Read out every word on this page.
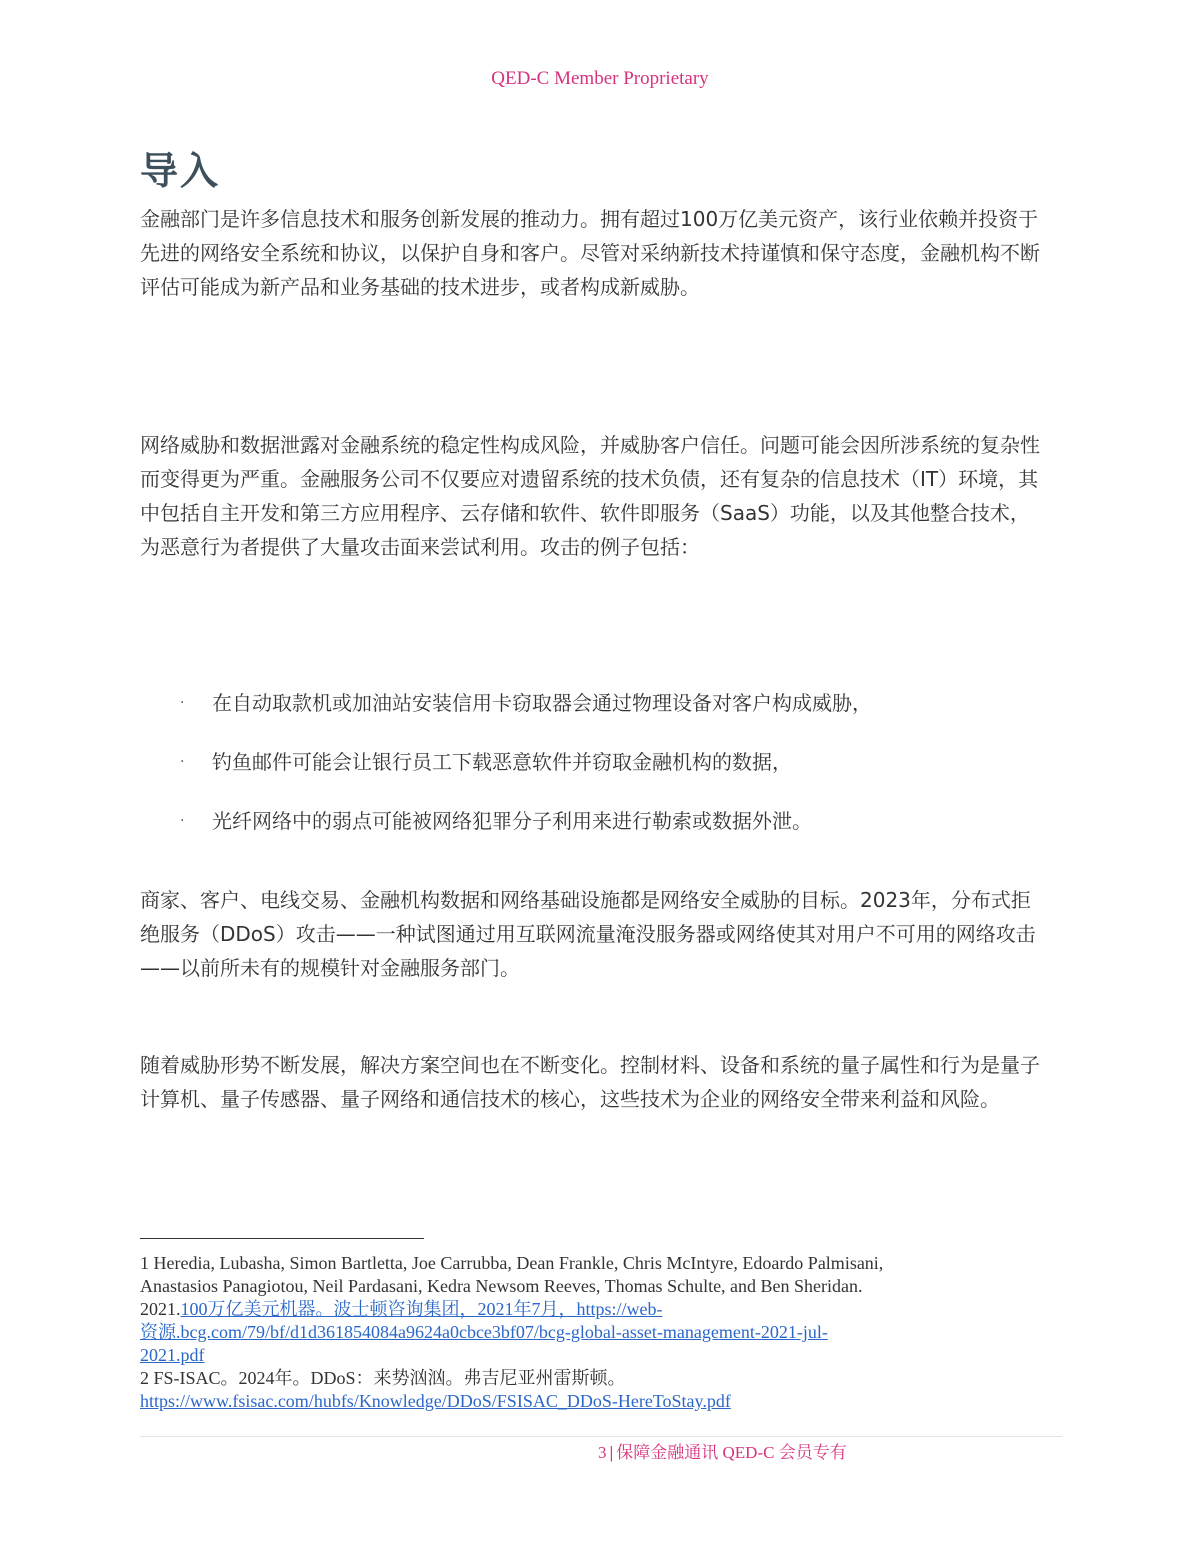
QED-C Member Proprietary
导入

金融部门是许多信息技术和服务创新发展的推动力。拥有超过100万亿美元资产，该行业依赖并投资于先进的网络安全系统和协议，以保护自身和客户。尽管对采纳新技术持谨慎和保守态度，金融机构不断评估可能成为新产品和业务基础的技术进步，或者构成新威胁。

网络威胁和数据泄露对金融系统的稳定性构成风险，并威胁客户信任。问题可能会因所涉系统的复杂性而变得更为严重。金融服务公司不仅要应对遗留系统的技术负债，还有复杂的信息技术（IT）环境，其中包括自主开发和第三方应用程序、云存储和软件、软件即服务（SaaS）功能，以及其他整合技术，为恶意行为者提供了大量攻击面来尝试利用。攻击的例子包括：

·	在自动取款机或加油站安装信用卡窃取器会通过物理设备对客户构成威胁，
·	钓鱼邮件可能会让银行员工下载恶意软件并窃取金融机构的数据，
·	光纤网络中的弱点可能被网络犯罪分子利用来进行勒索或数据外泄。

商家、客户、电线交易、金融机构数据和网络基础设施都是网络安全威胁的目标。2023年，分布式拒绝服务（DDoS）攻击——一种试图通过用互联网流量淹没服务器或网络使其对用户不可用的网络攻击——以前所未有的规模针对金融服务部门。

随着威胁形势不断发展，解决方案空间也在不断变化。控制材料、设备和系统的量子属性和行为是量子计算机、量子传感器、量子网络和通信技术的核心，这些技术为企业的网络安全带来利益和风险。

1 Heredia, Lubasha, Simon Bartletta, Joe Carrubba, Dean Frankle, Chris McIntyre, Edoardo Palmisani,
Anastasios Panagiotou, Neil Pardasani, Kedra Newsom Reeves, Thomas Schulte, and Ben Sheridan.
2021.100万亿美元机器。波士顿咨询集团，2021年7月，https://web-
资源.bcg.com/79/bf/d1d361854084a9624a0cbce3bf07/bcg-global-asset-management-2021-jul-
2021.pdf
2 FS-ISAC。2024年。DDoS：来势汹汹。弗吉尼亚州雷斯顿。
https://www.fsisac.com/hubfs/Knowledge/DDoS/FSISAC_DDoS-HereToStay.pdf
3 | 保障金融通讯 QED-C 会员专有
